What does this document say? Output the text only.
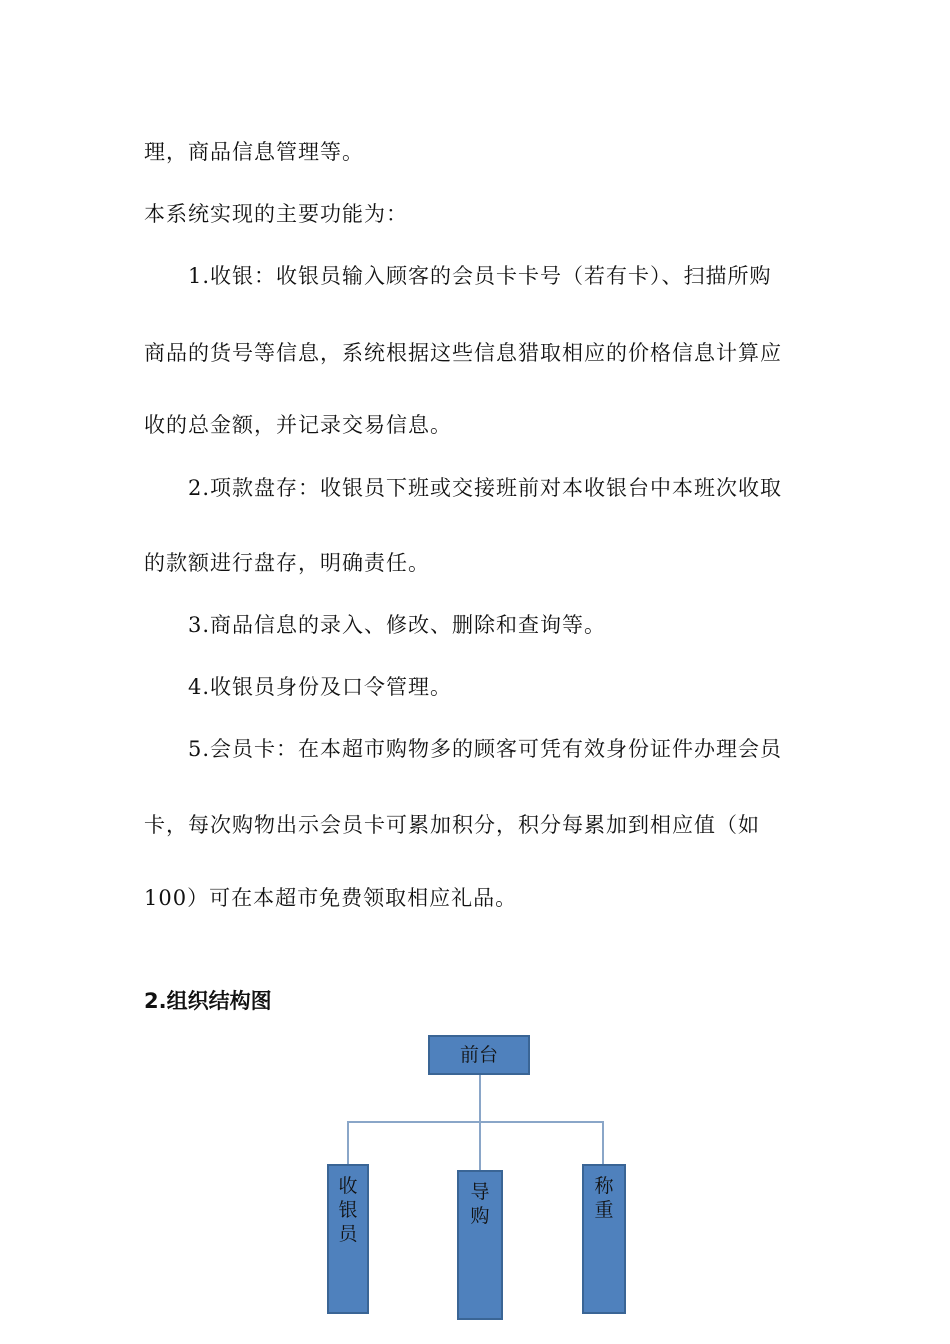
理，商品信息管理等。
本系统实现的主要功能为：
1.收银：收银员输入顾客的会员卡卡号（若有卡）、扫描所购
商品的货号等信息，系统根据这些信息猎取相应的价格信息计算应
收的总金额，并记录交易信息。
2.项款盘存：收银员下班或交接班前对本收银台中本班次收取
的款额进行盘存，明确责任。
3.商品信息的录入、修改、删除和查询等。
4.收银员身份及口令管理。
5.会员卡：在本超市购物多的顾客可凭有效身份证件办理会员
卡，每次购物出示会员卡可累加积分，积分每累加到相应值（如
100）可在本超市免费领取相应礼品。
2.组织结构图
前台
收
银
员
导
购
称
重
